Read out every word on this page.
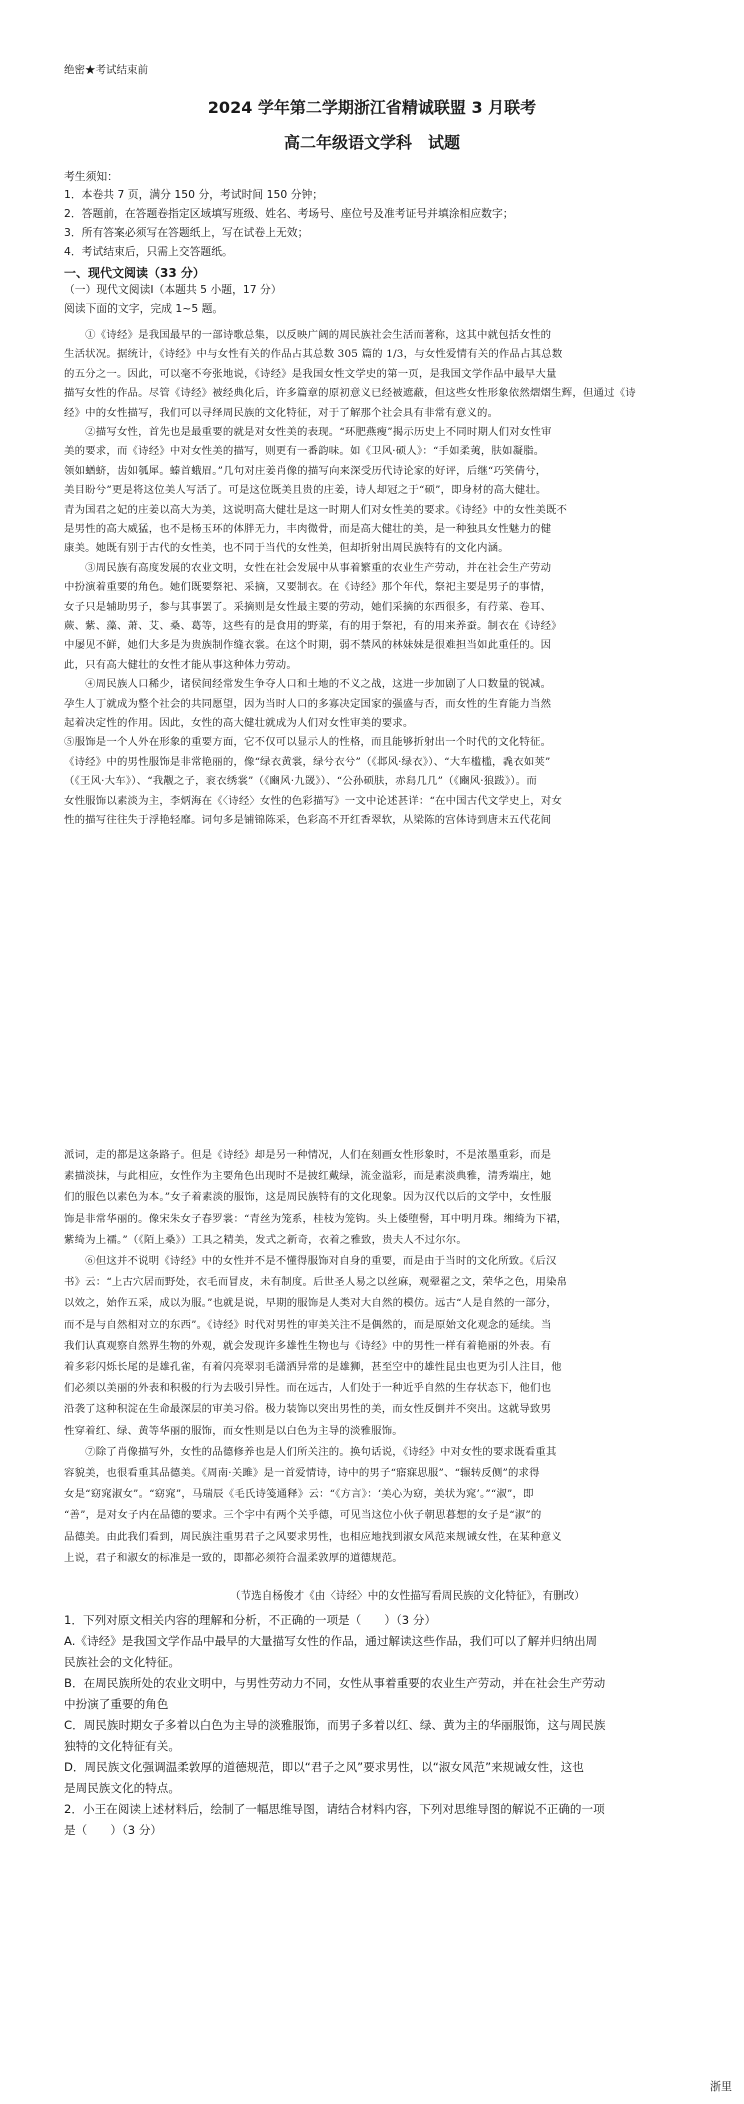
绝密★考试结束前
2024 学年第二学期浙江省精诚联盟 3 月联考
高二年级语文学科　试题
考生须知：
1．本卷共 7 页，满分 150 分，考试时间 150 分钟；
2．答题前，在答题卷指定区域填写班级、姓名、考场号、座位号及准考证号并填涂相应数字；
3．所有答案必须写在答题纸上，写在试卷上无效；
4．考试结束后，只需上交答题纸。
一、现代文阅读（33 分）
（一）现代文阅读Ⅰ（本题共 5 小题，17 分）
阅读下面的文字，完成 1~5 题。
　　①《诗经》是我国最早的一部诗歌总集，以反映广阔的周民族社会生活而著称，这其中就包括女性的
生活状况。据统计，《诗经》中与女性有关的作品占其总数 305 篇的 1/3，与女性爱情有关的作品占其总数
的五分之一。因此，可以毫不夸张地说，《诗经》是我国女性文学史的第一页，是我国文学作品中最早大量
描写女性的作品。尽管《诗经》被经典化后，许多篇章的原初意义已经被遮蔽，但这些女性形象依然熠熠生辉，但通过《诗
经》中的女性描写，我们可以寻绎周民族的文化特征，对于了解那个社会具有非常有意义的。
　　②描写女性，首先也是最重要的就是对女性美的表现。“环肥燕瘦”揭示历史上不同时期人们对女性审
美的要求，而《诗经》中对女性美的描写，则更有一番韵味。如《卫风·硕人》：“手如柔荑，肤如凝脂。
领如蝤蛴，齿如瓠犀。螓首蛾眉。”几句对庄姜肖像的描写向来深受历代诗论家的好评，后继“巧笑倩兮，
美目盼兮”更是将这位美人写活了。可是这位既美且贵的庄姜，诗人却冠之于“硕”，即身材的高大健壮。
青为国君之妃的庄姜以高大为美，这说明高大健壮是这一时期人们对女性美的要求。《诗经》中的女性美既不
是男性的高大威猛，也不是杨玉环的体胖无力，丰肉微骨，而是高大健壮的美，是一种独具女性魅力的健
康美。她既有别于古代的女性美，也不同于当代的女性美，但却折射出周民族特有的文化内涵。
　　③周民族有高度发展的农业文明，女性在社会发展中从事着繁重的农业生产劳动，并在社会生产劳动
中扮演着重要的角色。她们既要祭祀、采摘，又要制衣。在《诗经》那个年代，祭祀主要是男子的事情，
女子只是辅助男子，参与其事罢了。采摘则是女性最主要的劳动，她们采摘的东西很多，有荇菜、卷耳、
蕨、紫、藻、萧、艾、桑、葛等，这些有的是食用的野菜，有的用于祭祀，有的用来养蚕。制衣在《诗经》
中屡见不鲜，她们大多是为贵族制作缝衣裳。在这个时期，弱不禁风的林妹妹是很难担当如此重任的。因
此，只有高大健壮的女性才能从事这种体力劳动。
　　④周民族人口稀少，诸侯间经常发生争夺人口和土地的不义之战，这进一步加剧了人口数量的锐减。
孕生人丁就成为整个社会的共同愿望，因为当时人口的多寡决定国家的强盛与否，而女性的生育能力当然
起着决定性的作用。因此，女性的高大健壮就成为人们对女性审美的要求。
⑤服饰是一个人外在形象的重要方面，它不仅可以显示人的性格，而且能够折射出一个时代的文化特征。
《诗经》中的男性服饰是非常艳丽的，像“绿衣黄裳，绿兮衣兮”（《邶风·绿衣》）、“大车槛槛，毳衣如荚”
（《王风·大车》）、“我觏之子，衮衣绣裳”（《豳风·九罭》）、“公孙硕肤，赤舄几几”（《豳风·狼跋》）。而
女性服饰以素淡为主，李炳海在《〈诗经〉女性的色彩描写》一文中论述甚详：“在中国古代文学史上，对女
性的描写往往失于浮艳轻靡。词句多是铺锦陈采，色彩高不开红香翠软，从梁陈的宫体诗到唐末五代花间
派词，走的都是这条路子。但是《诗经》却是另一种情况，人们在刻画女性形象时，不是浓墨重彩，而是
素描淡抹，与此相应，女性作为主要角色出现时不是披红戴绿，流金溢彩，而是素淡典雅，清秀端庄，她
们的服色以素色为本。”女子着素淡的服饰，这是周民族特有的文化现象。因为汉代以后的文学中，女性服
饰是非常华丽的。像宋朱女子春罗裳：“青丝为笼系，桂枝为笼钩。头上倭堕髻，耳中明月珠。缃绮为下裙，
紫绮为上襦。”（《陌上桑》）工具之精美，发式之新奇，衣着之雅致，贵夫人不过尔尔。
　　⑥但这并不说明《诗经》中的女性并不是不懂得服饰对自身的重要，而是由于当时的文化所致。《后汉
书》云：“上古穴居而野处，衣毛而冒皮，未有制度。后世圣人易之以丝麻，观翚翟之文，荣华之色，用染帛
以效之，始作五采，成以为服。”也就是说，早期的服饰是人类对大自然的模仿。远古“人是自然的一部分，
而不是与自然相对立的东西”。《诗经》时代对男性的审美关注不是偶然的，而是原始文化观念的延续。当
我们认真观察自然界生物的外观，就会发现许多雄性生物也与《诗经》中的男性一样有着艳丽的外表。有
着多彩闪烁长尾的是雄孔雀，有着闪亮翠羽毛潇洒异常的是雄狮，甚至空中的雄性昆虫也更为引人注目，他
们必须以美丽的外表和积极的行为去吸引异性。而在远古，人们处于一种近乎自然的生存状态下，他们也
沿袭了这种积淀在生命最深层的审美习俗。极力装饰以突出男性的美，而女性反倒并不突出。这就导致男
性穿着红、绿、黄等华丽的服饰，而女性则是以白色为主导的淡雅服饰。
　　⑦除了肖像描写外，女性的品德修养也是人们所关注的。换句话说，《诗经》中对女性的要求既看重其
容貌美，也很看重其品德美。《周南·关雎》是一首爱情诗，诗中的男子“寤寐思服”、“辗转反侧”的求得
女是“窈窕淑女”。“窈窕”，马瑞辰《毛氏诗笺通释》云：“《方言》：‘美心为窈，美状为窕’。”“淑”，即
“善”，是对女子内在品德的要求。三个字中有两个关乎德，可见当这位小伙子朝思暮想的女子是“淑”的
品德美。由此我们看到，周民族注重男君子之风要求男性，也相应地找到淑女风范来规诫女性，在某种意义
上说，君子和淑女的标准是一致的，即都必须符合温柔敦厚的道德规范。
（节选自杨俊才《由〈诗经〉中的女性描写看周民族的文化特征》，有删改）
1．下列对原文相关内容的理解和分析，不正确的一项是（　　）（3 分）
A.《诗经》是我国文学作品中最早的大量描写女性的作品，通过解读这些作品，我们可以了解并归纳出周
民族社会的文化特征。
B．在周民族所处的农业文明中，与男性劳动力不同，女性从事着重要的农业生产劳动，并在社会生产劳动
中扮演了重要的角色
C．周民族时期女子多着以白色为主导的淡雅服饰，而男子多着以红、绿、黄为主的华丽服饰，这与周民族
独特的文化特征有关。
D．周民族文化强调温柔敦厚的道德规范，即以“君子之风”要求男性，以“淑女风范”来规诫女性，这也
是周民族文化的特点。
2．小王在阅读上述材料后，绘制了一幅思维导图，请结合材料内容，下列对思维导图的解说不正确的一项
是（　　）（3 分）
浙里
